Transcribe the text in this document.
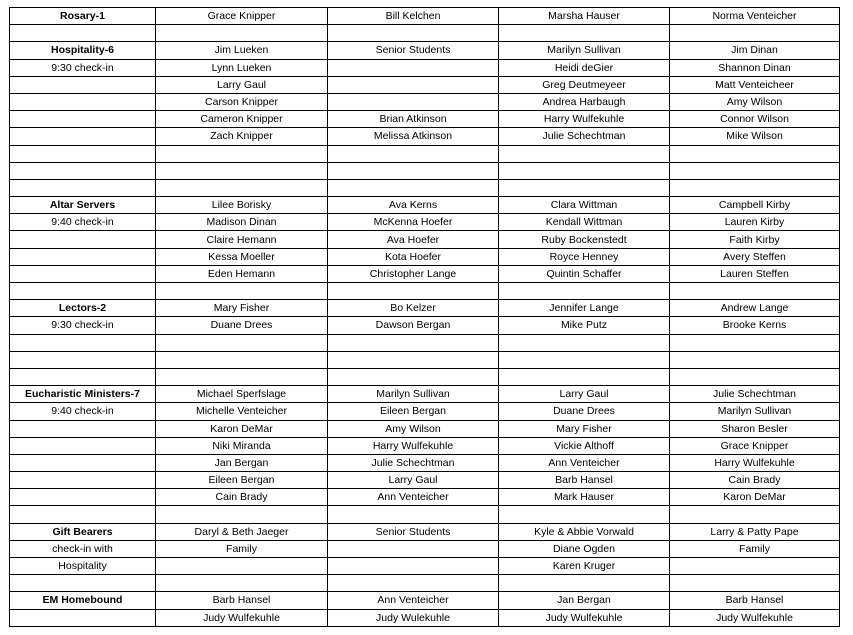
Rosary-1	Grace Knipper	Bill Kelchen	Marsha Hauser	Norma Venteicher

Hospitality-6	Jim Lueken	Senior Students	Marilyn Sullivan	Jim Dinan
9:30 check-in	Lynn Lueken		Heidi deGier	Shannon Dinan
	Larry Gaul		Greg Deutmeyeer	Matt Venteicheer
	Carson Knipper		Andrea Harbaugh	Amy Wilson
	Cameron Knipper	Brian Atkinson	Harry Wulfekuhle	Connor Wilson
	Zach Knipper	Melissa Atkinson	Julie Schechtman	Mike Wilson

Altar Servers	Lilee Borisky	Ava Kerns	Clara Wittman	Campbell Kirby
9:40 check-in	Madison Dinan	McKenna Hoefer	Kendall Wittman	Lauren Kirby
	Claire Hemann	Ava Hoefer	Ruby Bockenstedt	Faith Kirby
	Kessa Moeller	Kota Hoefer	Royce Henney	Avery Steffen
	Eden Hemann	Christopher Lange	Quintin Schaffer	Lauren Steffen

Lectors-2	Mary Fisher	Bo Kelzer	Jennifer Lange	Andrew Lange
9:30 check-in	Duane Drees	Dawson Bergan	Mike Putz	Brooke Kerns

Eucharistic Ministers-7	Michael Sperfslage	Marilyn Sullivan	Larry Gaul	Julie Schechtman
9:40 check-in	Michelle Venteicher	Eileen Bergan	Duane Drees	Marilyn Sullivan
	Karon DeMar	Amy Wilson	Mary Fisher	Sharon Besler
	Niki Miranda	Harry Wulfekuhle	Vickie Althoff	Grace Knipper
	Jan Bergan	Julie Schechtman	Ann Venteicher	Harry Wulfekuhle
	Eileen Bergan	Larry Gaul	Barb Hansel	Cain Brady
	Cain Brady	Ann Venteicher	Mark Hauser	Karon DeMar

Gift Bearers	Daryl & Beth Jaeger	Senior Students	Kyle & Abbie Vorwald	Larry & Patty Pape
check-in with	Family		Diane Ogden	Family
Hospitality			Karen Kruger	

EM Homebound	Barb Hansel	Ann Venteicher	Jan Bergan	Barb Hansel
	Judy Wulfekuhle	Judy Wulekuhle	Judy Wulfekuhle	Judy Wulfekuhle
